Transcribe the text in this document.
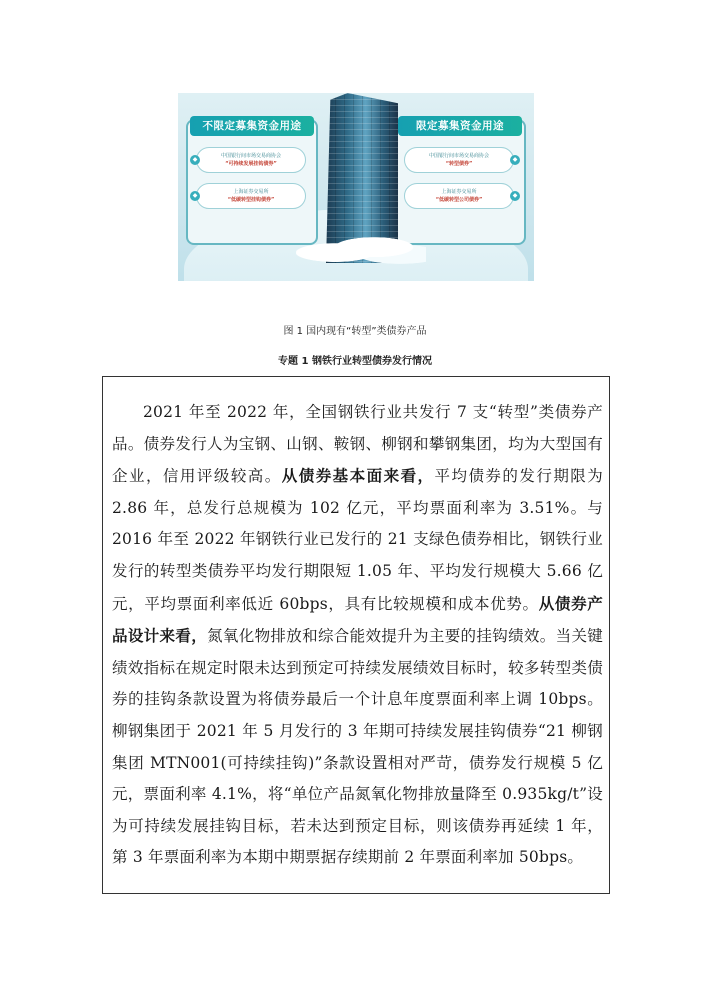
中国银行间市场交易商协会
“可持续发展挂钩债券”
◆
上海证券交易所
“低碳转型挂钩债券”
◆
中国银行间市场交易商协会
“转型债券”
◆
上海证券交易所
“低碳转型公司债券”
◆
不限定募集资金用途	限定募集资金用途
图 1 国内现有“转型”类债券产品
专题 1 钢铁行业转型债券发行情况

2021 年至 2022 年，全国钢铁行业共发行 7 支“转型”类债券产品。债券发行人为宝钢、山钢、鞍钢、柳钢和攀钢集团，均为大型国有企业，信用评级较高。从债券基本面来看，平均债券的发行期限为 2.86 年，总发行总规模为 102 亿元，平均票面利率为 3.51%。与 2016 年至 2022 年钢铁行业已发行的 21 支绿色债券相比，钢铁行业发行的转型类债券平均发行期限短 1.05 年、平均发行规模大 5.66 亿元，平均票面利率低近 60bps，具有比较规模和成本优势。从债券产品设计来看，氮氧化物排放和综合能效提升为主要的挂钩绩效。当关键绩效指标在规定时限未达到预定可持续发展绩效目标时，较多转型类债券的挂钩条款设置为将债券最后一个计息年度票面利率上调 10bps。柳钢集团于 2021 年 5 月发行的 3 年期可持续发展挂钩债券“21 柳钢集团 MTN001(可持续挂钩)”条款设置相对严苛，债券发行规模 5 亿元，票面利率 4.1%，将“单位产品氮氧化物排放量降至 0.935kg/t”设为可持续发展挂钩目标，若未达到预定目标，则该债券再延续 1 年，第 3 年票面利率为本期中期票据存续期前 2 年票面利率加 50bps。
